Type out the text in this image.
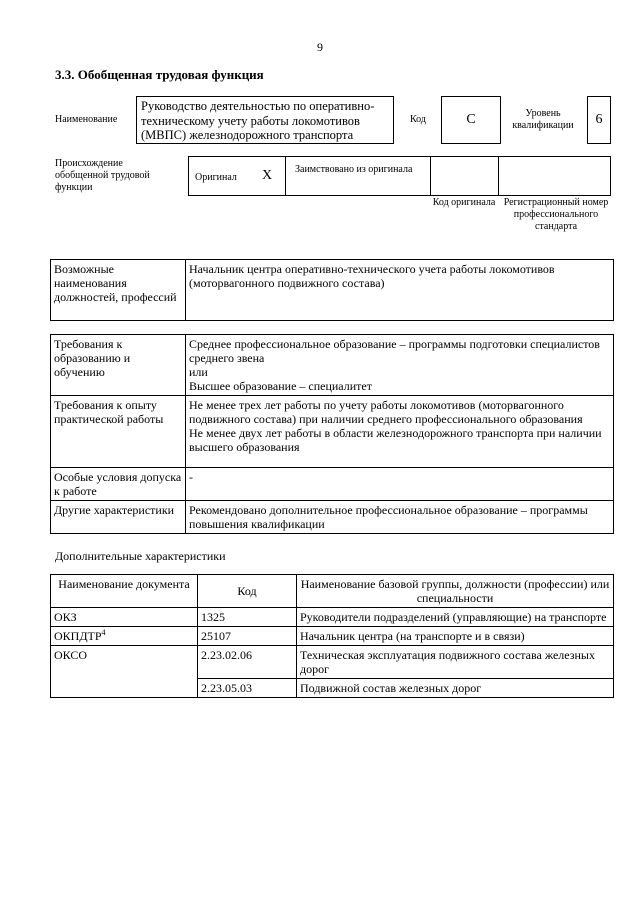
9
3.3. Обобщенная трудовая функция
Наименование
Руководство деятельностью по оперативно-техническому учету работы локомотивов (МВПС) железнодорожного транспорта
Код	С	Уровень квалификации	6
Происхождение обобщенной трудовой функции
Оригинал Х Заимствовано из оригинала
Код оригинала Регистрационный номер профессионального стандарта
Возможные наименования должностей, профессий	Начальник центра оперативно-технического учета работы локомотивов (моторвагонного подвижного состава)
Требования к образованию и обучению	Среднее профессиональное образование – программы подготовки специалистов среднего звена
или
Высшее образование – специалитет

Требования к опыту практической работы	Не менее трех лет работы по учету работы локомотивов (моторвагонного подвижного состава) при наличии среднего профессионального образования
Не менее двух лет работы в области железнодорожного транспорта при наличии высшего образования

Особые условия допуска к работе	-
Другие характеристики	Рекомендовано дополнительное профессиональное образование – программы повышения квалификации
Дополнительные характеристики
Наименование документа	Код	Наименование базовой группы, должности (профессии) или специальности
ОКЗ	1325	Руководители подразделений (управляющие) на транспорте
ОКПДТР$^4$	25107	Начальник центра (на транспорте и в связи)
ОКСО	2.23.02.06	Техническая эксплуатация подвижного состава железных дорог
	2.23.05.03	Подвижной состав железных дорог
